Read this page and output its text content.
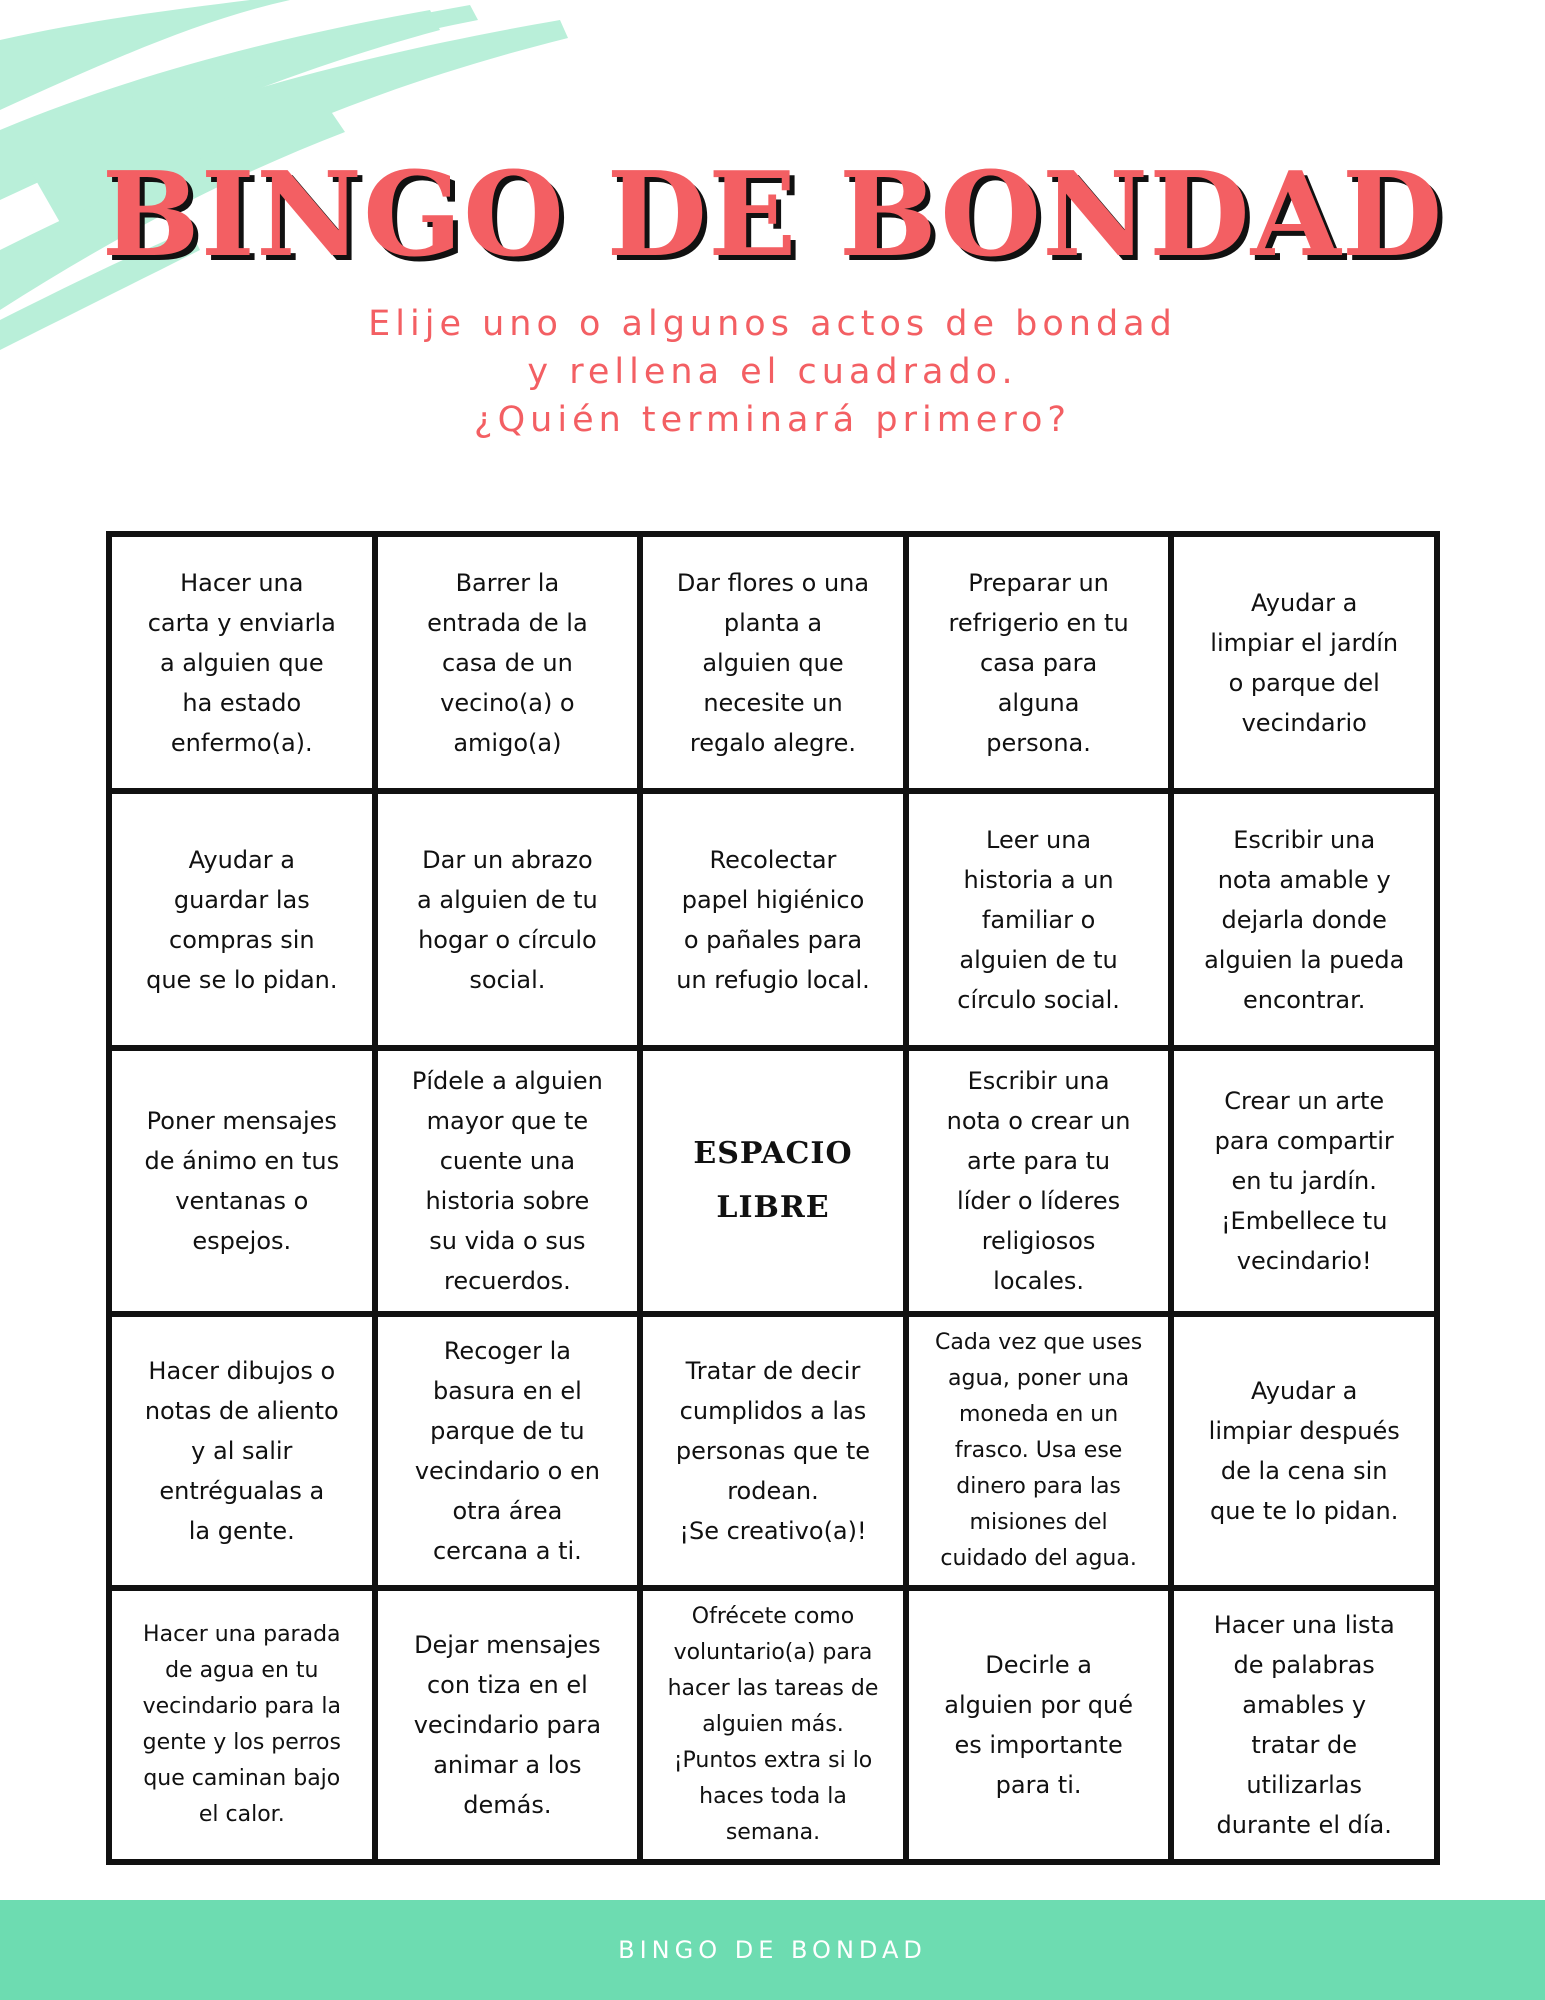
BINGO DE BONDAD
Elije uno o algunos actos de bondad
y rellena el cuadrado.
¿Quién terminará primero?
Hacer una
carta y enviarla
a alguien que
ha estado
enfermo(a).
Barrer la
entrada de la
casa de un
vecino(a) o
amigo(a)
Dar flores o una
planta a
alguien que
necesite un
regalo alegre.
Preparar un
refrigerio en tu
casa para
alguna
persona.
Ayudar a
limpiar el jardín
o parque del
vecindario
Ayudar a
guardar las
compras sin
que se lo pidan.
Dar un abrazo
a alguien de tu
hogar o círculo
social.
Recolectar
papel higiénico
o pañales para
un refugio local.
Leer una
historia a un
familiar o
alguien de tu
círculo social.
Escribir una
nota amable y
dejarla donde
alguien la pueda
encontrar.
Poner mensajes
de ánimo en tus
ventanas o
espejos.
Pídele a alguien
mayor que te
cuente una
historia sobre
su vida o sus
recuerdos.
ESPACIO
LIBRE
Escribir una
nota o crear un
arte para tu
líder o líderes
religiosos
locales.
Crear un arte
para compartir
en tu jardín.
¡Embellece tu
vecindario!
Hacer dibujos o
notas de aliento
y al salir
entrégualas a
la gente.
Recoger la
basura en el
parque de tu
vecindario o en
otra área
cercana a ti.
Tratar de decir
cumplidos a las
personas que te
rodean.
¡Se creativo(a)!
Cada vez que uses
agua, poner una
moneda en un
frasco. Usa ese
dinero para las
misiones del
cuidado del agua.
Ayudar a
limpiar después
de la cena sin
que te lo pidan.
Hacer una parada
de agua en tu
vecindario para la
gente y los perros
que caminan bajo
el calor.
Dejar mensajes
con tiza en el
vecindario para
animar a los
demás.
Ofrécete como
voluntario(a) para
hacer las tareas de
alguien más.
¡Puntos extra si lo
haces toda la
semana.
Decirle a
alguien por qué
es importante
para ti.
Hacer una lista
de palabras
amables y
tratar de
utilizarlas
durante el día.
BINGO DE BONDAD
